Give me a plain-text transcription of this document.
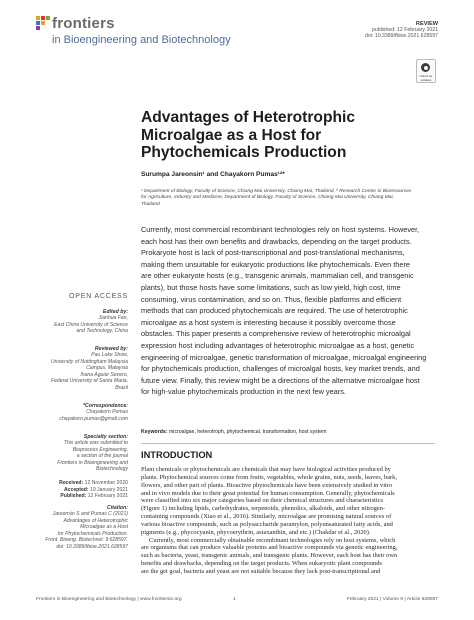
frontiers
in Bioengineering and Biotechnology
REVIEW
published: 12 February 2021
doi: 10.3389/fbioe.2021.628597
Check for updates
Advantages of Heterotrophic Microalgae as a Host for Phytochemicals Production
Surumpa Jareonsin¹ and Chayakorn Pumas¹²*
¹ Department of Biology, Faculty of Science, Chiang Mai University, Chiang Mai, Thailand, ² Research Center in Bioresources
for Agriculture, Industry and Medicine, Department of Biology, Faculty of Science, Chiang Mai University, Chiang Mai,
Thailand
Currently, most commercial recombinant technologies rely on host systems. However,
each host has their own benefits and drawbacks, depending on the target products.
Prokaryote host is lack of post-transcriptional and post-translational mechanisms,
making them unsuitable for eukaryotic productions like phytochemicals. Even there
are other eukaryote hosts (e.g., transgenic animals, mammalian cell, and transgenic
plants), but those hosts have some limitations, such as low yield, high cost, time
consuming, virus contamination, and so on. Thus, flexible platforms and efficient
methods that can produced phytochemicals are required. The use of heterotrophic
microalgae as a host system is interesting because it possibly overcome those
obstacles. This paper presents a comprehensive review of heterotrophic microalgal
expression host including advantages of heterotrophic microalgae as a host, genetic
engineering of microalgae, genetic transformation of microalgae, microalgal engineering
for phytochemicals production, challenges of microalgal hosts, key market trends, and
future view. Finally, this review might be a directions of the alternative microalgae host
for high-value phytochemicals production in the next few years.
Keywords: microalgae, heterotroph, phytochemical, transformation, host system
INTRODUCTION
Plant chemicals or phytochemicals are chemicals that may have biological activities produced by
plants. Phytochemical sources come from fruits, vegetables, whole grains, nuts, seeds, leaves, bark,
flowers, and other part of plants. Bioactive phytochemicals have been extensively studied in vitro
and in vivo models due to their great potential for human consumption. Generally, phytochemicals
were classified into six major categories based on their chemical structures and characteristics
(Figure 1) including lipids, carbohydrates, terpenoids, phenolics, alkaloids, and other nitrogen-
containing compounds (Xiao et al., 2016). Similarly, microalgae are promising natural sources of
various bioactive compounds, such as polysaccharide paramylon, polyunsaturated fatty acids, and
pigments (e.g., phycocyanin, phycoerythrin, astaxanthin, and etc.) (Chakdar et al., 2020).
Currently, most commercially obtainable recombinant technologies rely on host systems, which
are organisms that can produce valuable proteins and bioactive compounds via genetic engineering,
such as bacteria, yeast, transgenic animals, and transgenic plants. However, each host has their own
benefits and drawbacks, depending on the target products. When eukaryotic plant compounds
are the get goal, bacteria and yeast are not suitable because they lack post-transcriptional and
OPEN ACCESS
Edited by:
Jianhua Fan,
East China University of Science
and Technology, China
Reviewed by:
Pau Loke Show,
University of Nottingham Malaysia
Campus, Malaysia
Ihana Aguiar Severo,
Federal University of Santa Maria,
Brazil
*Correspondence:
Chayakorn Pumas
chayakorn.pumas@gmail.com
Specialty section:
This article was submitted to
Bioprocess Engineering,
a section of the journal
Frontiers in Bioengineering and
Biotechnology
Received: 12 November 2020
Accepted: 19 January 2021
Published: 12 February 2021
Citation:
Jareonsin S and Pumas C (2021)
Advantages of Heterotrophic
Microalgae as a Host
for Phytochemicals Production.
Front. Bioeng. Biotechnol. 9:628597.
doi: 10.3389/fbioe.2021.628597
Frontiers in Bioengineering and Biotechnology | www.frontiersin.org	1	February 2021 | Volume 9 | Article 628597
